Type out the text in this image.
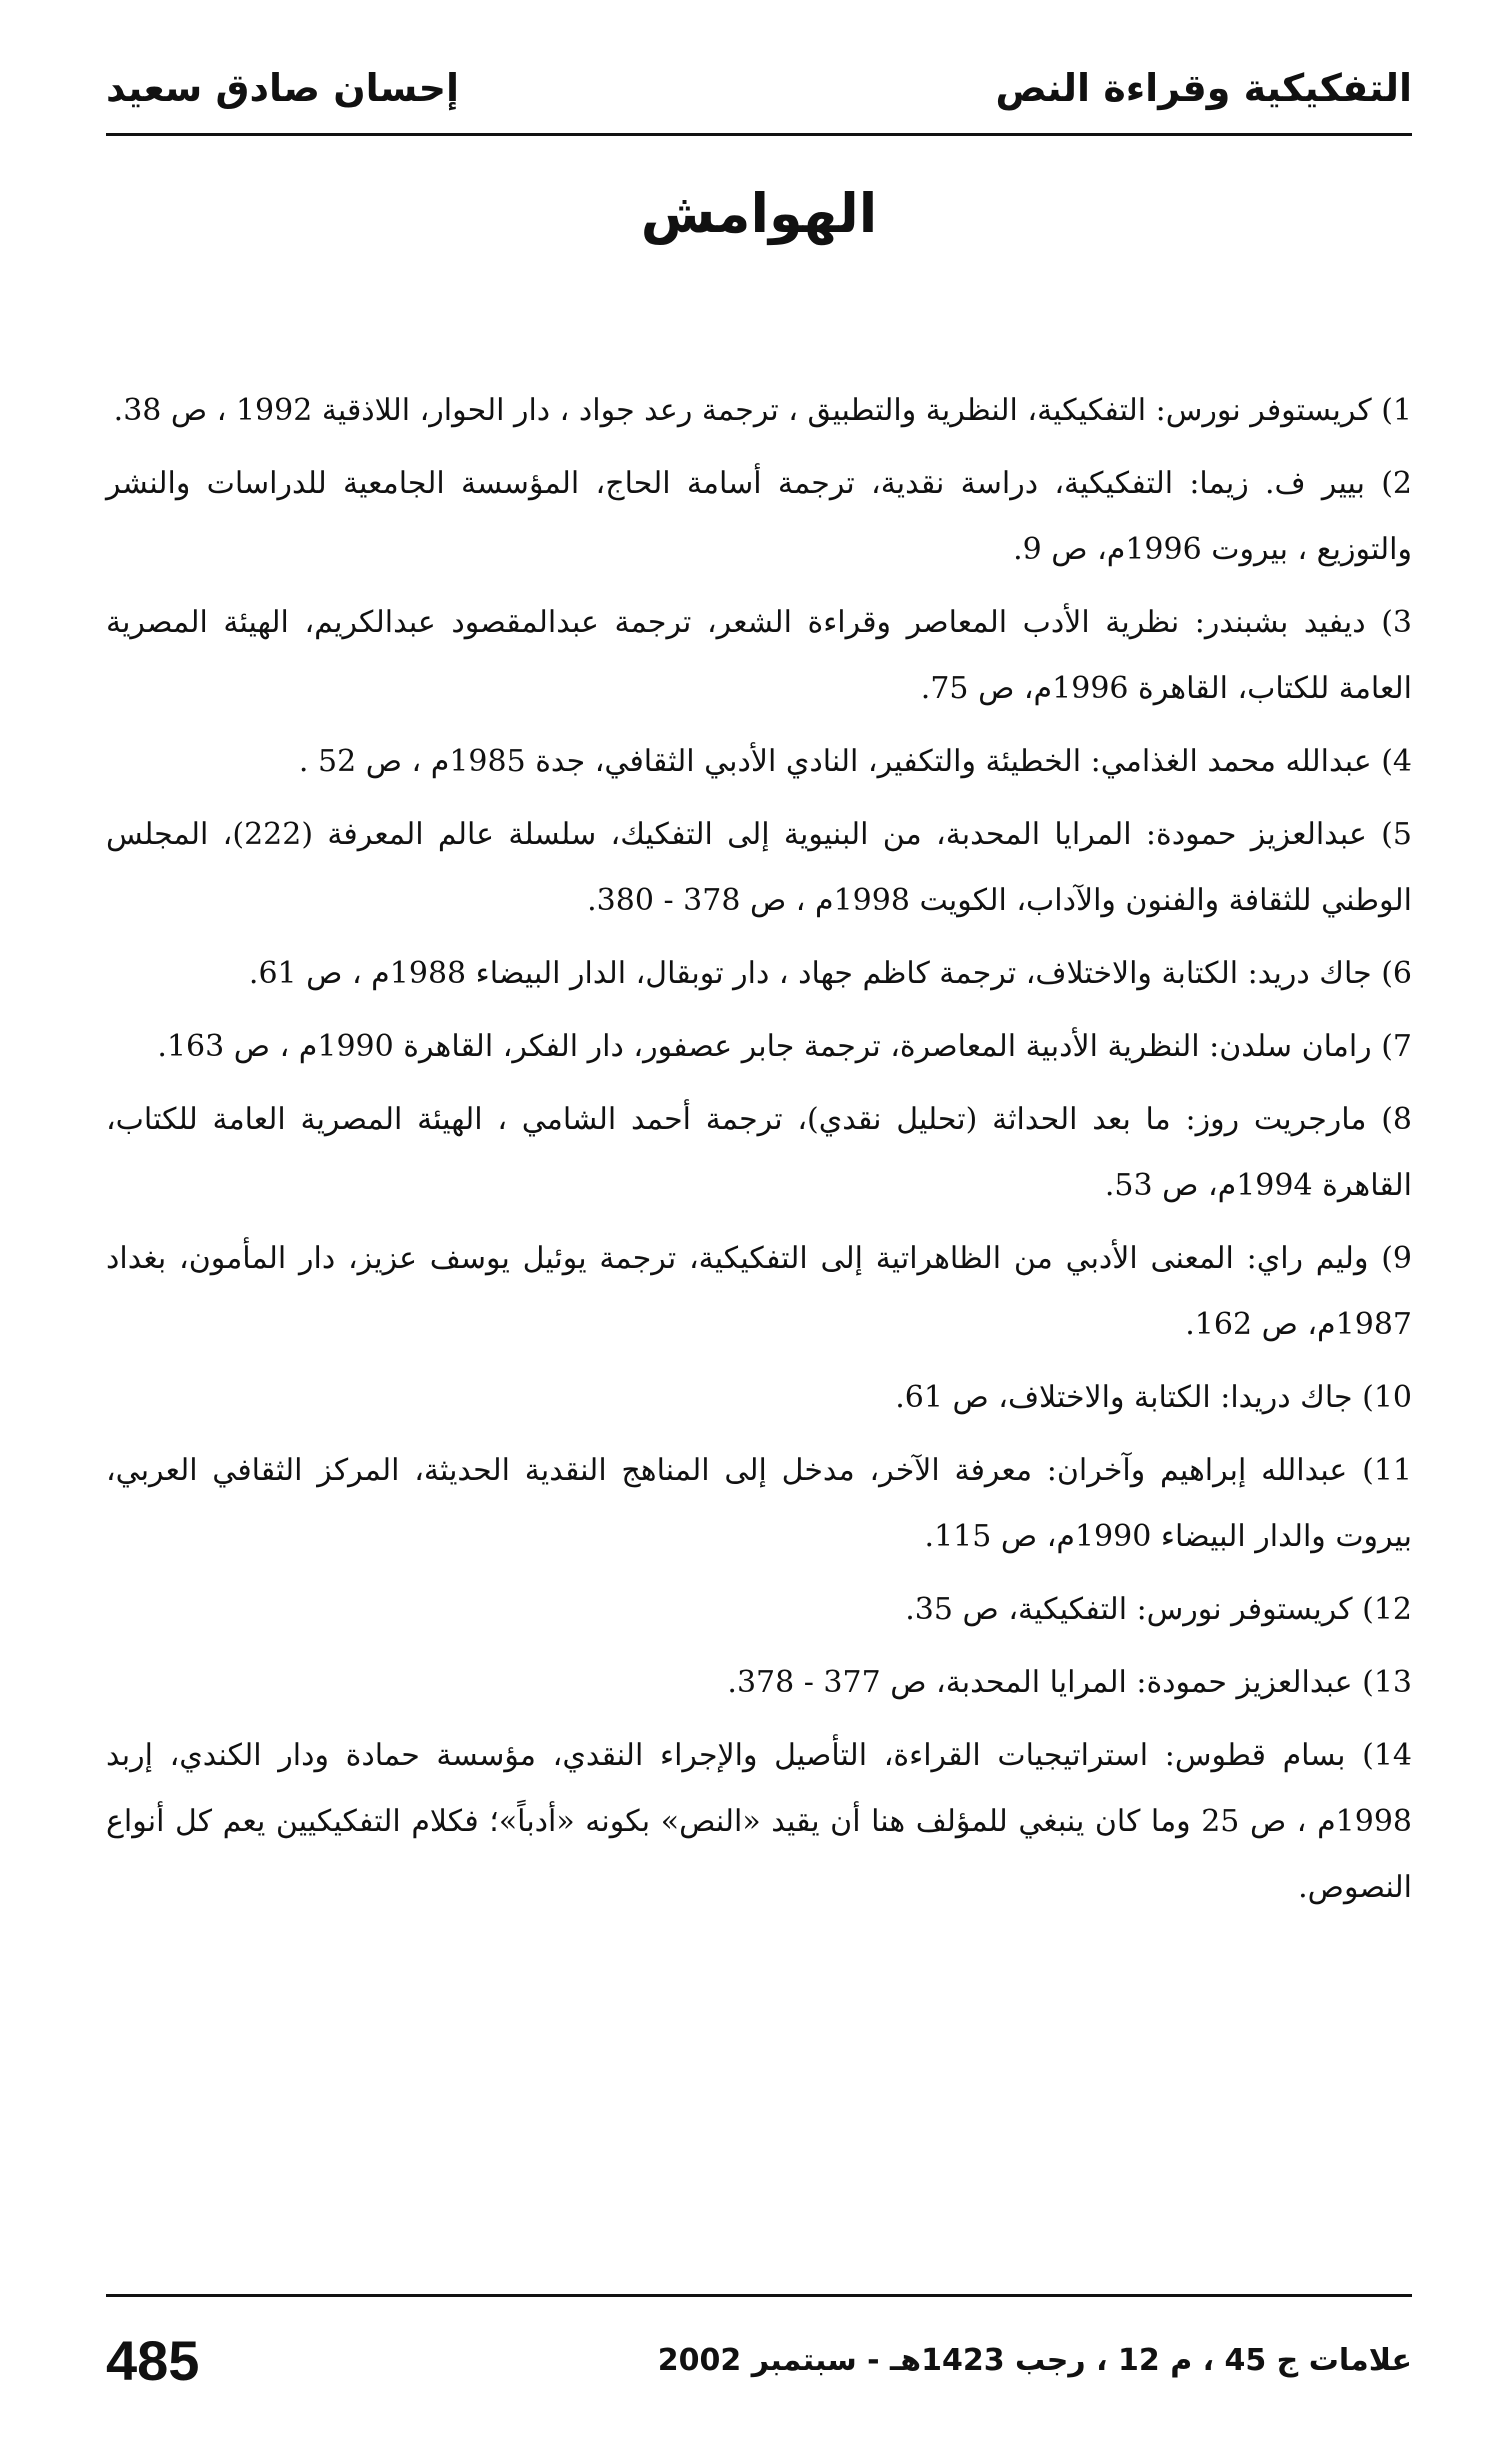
التفكيكية وقراءة النص
إحسان صادق سعيد
الهوامش
1) كريستوفر نورس: التفكيكية، النظرية والتطبيق ، ترجمة رعد جواد ، دار الحوار، اللاذقية 1992 ، ص 38.
2) بيير ف. زيما: التفكيكية، دراسة نقدية، ترجمة أسامة الحاج، المؤسسة الجامعية للدراسات والنشر والتوزيع ، بيروت 1996م، ص 9.
3) ديفيد بشبندر: نظرية الأدب المعاصر وقراءة الشعر، ترجمة عبدالمقصود عبدالكريم، الهيئة المصرية العامة للكتاب، القاهرة 1996م، ص 75.
4) عبدالله محمد الغذامي: الخطيئة والتكفير، النادي الأدبي الثقافي، جدة 1985م ، ص 52 .
5) عبدالعزيز حمودة: المرايا المحدبة، من البنيوية إلى التفكيك، سلسلة عالم المعرفة (222)، المجلس الوطني للثقافة والفنون والآداب، الكويت 1998م ، ص 378 - 380.
6) جاك دريد: الكتابة والاختلاف، ترجمة كاظم جهاد ، دار توبقال، الدار البيضاء 1988م ، ص 61.
7) رامان سلدن: النظرية الأدبية المعاصرة، ترجمة جابر عصفور، دار الفكر، القاهرة 1990م ، ص 163.
8) مارجريت روز: ما بعد الحداثة (تحليل نقدي)، ترجمة أحمد الشامي ، الهيئة المصرية العامة للكتاب، القاهرة 1994م، ص 53.
9) وليم راي: المعنى الأدبي من الظاهراتية إلى التفكيكية، ترجمة يوئيل يوسف عزيز، دار المأمون، بغداد 1987م، ص 162.
10) جاك دريدا: الكتابة والاختلاف، ص 61.
11) عبدالله إبراهيم وآخران: معرفة الآخر، مدخل إلى المناهج النقدية الحديثة، المركز الثقافي العربي، بيروت والدار البيضاء 1990م، ص 115.
12) كريستوفر نورس: التفكيكية، ص 35.
13) عبدالعزيز حمودة: المرايا المحدبة، ص 377 - 378.
14) بسام قطوس: استراتيجيات القراءة، التأصيل والإجراء النقدي، مؤسسة حمادة ودار الكندي، إربد 1998م ، ص 25 وما كان ينبغي للمؤلف هنا أن يقيد «النص» بكونه «أدباً»؛ فكلام التفكيكيين يعم كل أنواع النصوص.
علامات ج 45 ، م 12 ، رجب 1423هـ - سبتمبر 2002
485
